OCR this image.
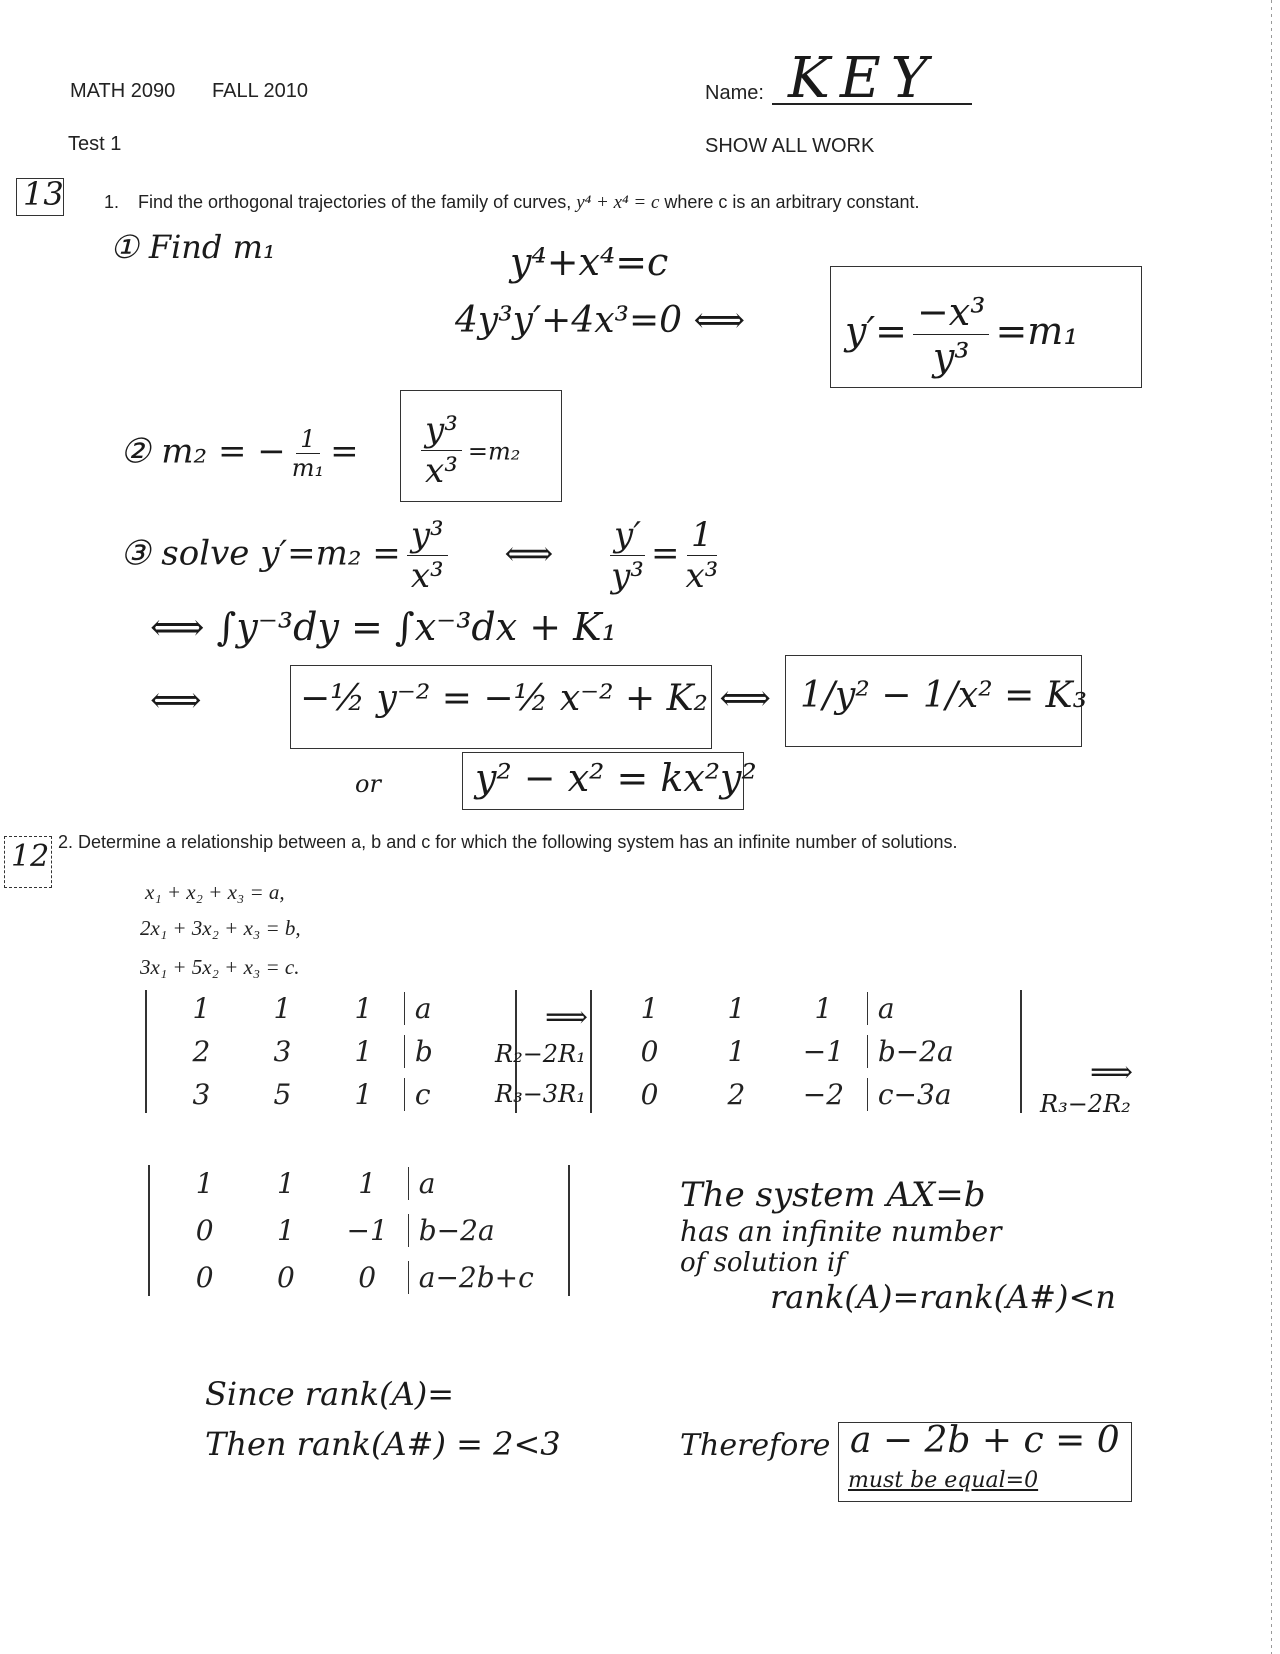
MATH 2090 FALL 2010
Test 1
Name: KEY
SHOW ALL WORK
13 1. Find the orthogonal trajectories of the family of curves, y⁴ + x⁴ = c where c is an arbitrary constant.
① Find m₁	y⁴+x⁴=c
4y³y′+4x³=0 ⟺	$y'= \frac{\text{−x³}}{\text{y³}} =m_1$
② m₂ = − $\frac{1}{\text{m₁}} = \frac{\text{y³}}{\text{x³}} =m_2$
③ solve $y'=m_2 = \frac{\text{y³}}{\text{x³}}$ ⟺ $\frac{y'}{\text{y³}} = \frac{1}{\text{x³}}$
⟺ ∫y⁻³dy = ∫x⁻³dx + K₁
⟺	−½ y⁻² = −½ x⁻² + K₂ ⟺ 1/y² − 1/x² = K₃
or y² − x² = kx²y²
12 2. Determine a relationship between a, b and c for which the following system has an infinite number of solutions.
x₁ + x₂ + x₃ = a,
2x₁ + 3x₂ + x₃ = b,
3x₁ + 5x₂ + x₃ = c.
1	1	1	a
2	3	1	b
3	5	1	c
R₂−2R₁
R₃−3R₁
⟹	1	1	1	a
0	1	−1	b−2a
0	2	−2	c−3a
⟹
R₃−2R₂
1	1	1	a
0	1	−1	b−2a
0	0	0	a−2b+c
The system AX=b
has an infinite number
of solution if
rank(A)=rank(A#)<n
Since rank(A)=
Then rank(A#) = 2<3	Therefore a − 2b + c = 0
must be equal=0
